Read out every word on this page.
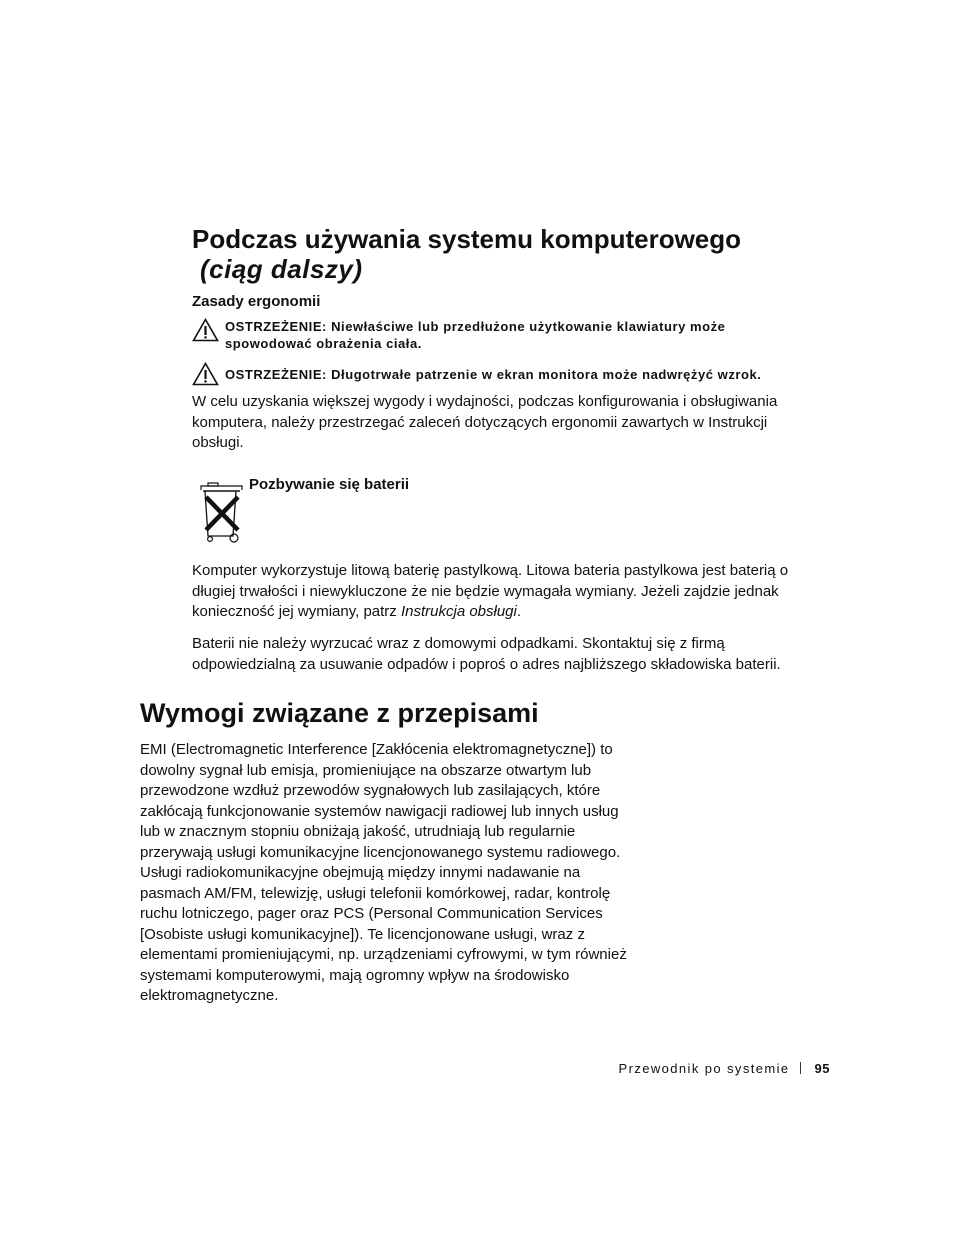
Podczas używania systemu komputerowego
(ciąg dalszy)
Zasady ergonomii
OSTRZEŻENIE: Niewłaściwe lub przedłużone użytkowanie klawiatury może spowodować obrażenia ciała.
OSTRZEŻENIE: Długotrwałe patrzenie w ekran monitora może nadwrężyć wzrok.

W celu uzyskania większej wygody i wydajności, podczas konfigurowania i obsługiwania komputera, należy przestrzegać zaleceń dotyczących ergonomii zawartych w Instrukcji obsługi.

Pozbywanie się baterii

Komputer wykorzystuje litową baterię pastylkową. Litowa bateria pastylkowa jest baterią o długiej trwałości i niewykluczone że nie będzie wymagała wymiany. Jeżeli zajdzie jednak konieczność jej wymiany, patrz Instrukcja obsługi.

Baterii nie należy wyrzucać wraz z domowymi odpadkami. Skontaktuj się z firmą odpowiedzialną za usuwanie odpadów i poproś o adres najbliższego składowiska baterii.

Wymogi związane z przepisami

EMI (Electromagnetic Interference [Zakłócenia elektromagnetyczne]) to dowolny sygnał lub emisja, promieniujące na obszarze otwartym lub przewodzone wzdłuż przewodów sygnałowych lub zasilających, które zakłócają funkcjonowanie systemów nawigacji radiowej lub innych usług lub w znacznym stopniu obniżają jakość, utrudniają lub regularnie przerywają usługi komunikacyjne licencjonowanego systemu radiowego. Usługi radiokomunikacyjne obejmują między innymi nadawanie na pasmach AM/FM, telewizję, usługi telefonii komórkowej, radar, kontrolę ruchu lotniczego, pager oraz PCS (Personal Communication Services [Osobiste usługi komunikacyjne]). Te licencjonowane usługi, wraz z elementami promieniującymi, np. urządzeniami cyfrowymi, w tym również systemami komputerowymi, mają ogromny wpływ na środowisko elektromagnetyczne.

Przewodnik po systemie 95
